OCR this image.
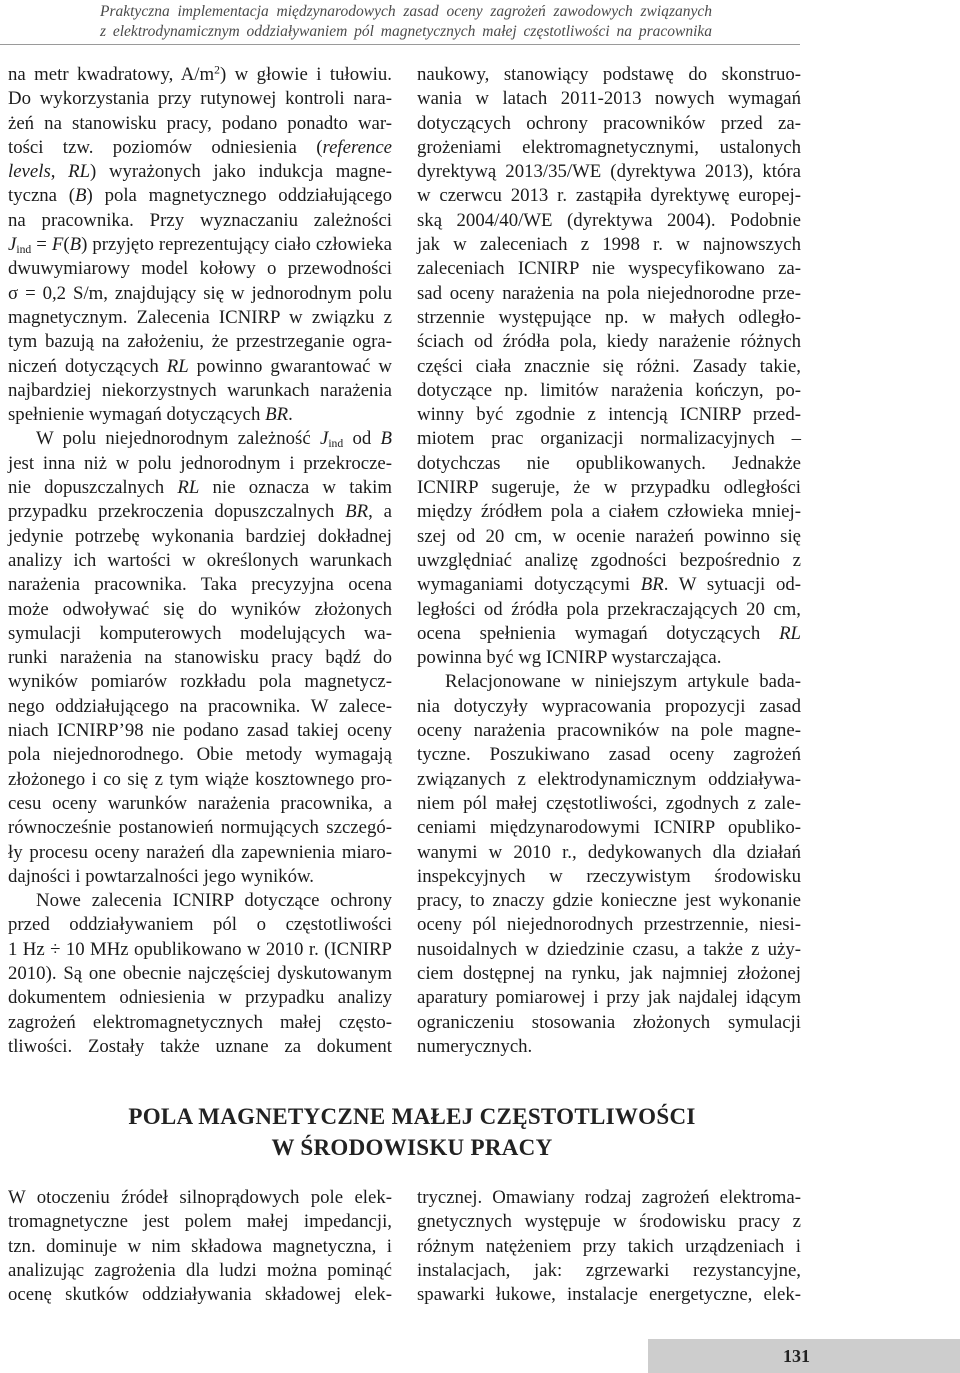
Praktyczna implementacja międzynarodowych zasad oceny zagrożeń zawodowych związanych
z elektrodynamicznym oddziaływaniem pól magnetycznych małej częstotliwości na pracownika
na metr kwadratowy, $A/m^2$) w głowie i tułowiu.
Do wykorzystania przy rutynowej kontroli nara-
żeń na stanowisku pracy, podano ponadto war-
tości tzw. poziomów odniesienia (reference
levels, RL) wyrażonych jako indukcja magne-
tyczna (B) pola magnetycznego oddziałującego
na pracownika. Przy wyznaczaniu zależności
$J_{ind} = F(B)$ przyjęto reprezentujący ciało człowieka
dwuwymiarowy model kołowy o przewodności
σ = 0,2 S/m, znajdujący się w jednorodnym polu
magnetycznym. Zalecenia ICNIRP w związku z
tym bazują na założeniu, że przestrzeganie ogra-
niczeń dotyczących RL powinno gwarantować w
najbardziej niekorzystnych warunkach narażenia
spełnienie wymagań dotyczących BR.
W polu niejednorodnym zależność $J_{ind}$ od B
jest inna niż w polu jednorodnym i przekrocze-
nie dopuszczalnych RL nie oznacza w takim
przypadku przekroczenia dopuszczalnych BR, a
jedynie potrzebę wykonania bardziej dokładnej
analizy ich wartości w określonych warunkach
narażenia pracownika. Taka precyzyjna ocena
może odwoływać się do wyników złożonych
symulacji komputerowych modelujących wa-
runki narażenia na stanowisku pracy bądź do
wyników pomiarów rozkładu pola magnetycz-
nego oddziałującego na pracownika. W zalece-
niach ICNIRP’98 nie podano zasad takiej oceny
pola niejednorodnego. Obie metody wymagają
złożonego i co się z tym wiąże kosztownego pro-
cesu oceny warunków narażenia pracownika, a
równocześnie postanowień normujących szczegó-
ły procesu oceny narażeń dla zapewnienia miaro-
dajności i powtarzalności jego wyników.
Nowe zalecenia ICNIRP dotyczące ochrony
przed oddziaływaniem pól o częstotliwości
1 Hz ÷ 10 MHz opublikowano w 2010 r. (ICNIRP
2010). Są one obecnie najczęściej dyskutowanym
dokumentem odniesienia w przypadku analizy
zagrożeń elektromagnetycznych małej często-
tliwości. Zostały także uznane za dokument
naukowy, stanowiący podstawę do skonstruo-
wania w latach 2011-2013 nowych wymagań
dotyczących ochrony pracowników przed za-
grożeniami elektromagnetycznymi, ustalonych
dyrektywą 2013/35/WE (dyrektywa 2013), która
w czerwcu 2013 r. zastąpiła dyrektywę europej-
ską 2004/40/WE (dyrektywa 2004). Podobnie
jak w zaleceniach z 1998 r. w najnowszych
zaleceniach ICNIRP nie wyspecyfikowano za-
sad oceny narażenia na pola niejednorodne prze-
strzennie występujące np. w małych odległo-
ściach od źródła pola, kiedy narażenie różnych
części ciała znacznie się różni. Zasady takie,
dotyczące np. limitów narażenia kończyn, po-
winny być zgodnie z intencją ICNIRP przed-
miotem prac organizacji normalizacyjnych –
dotychczas nie opublikowanych. Jednakże
ICNIRP sugeruje, że w przypadku odległości
między źródłem pola a ciałem człowieka mniej-
szej od 20 cm, w ocenie narażeń powinno się
uwzględniać analizę zgodności bezpośrednio z
wymaganiami dotyczącymi BR. W sytuacji od-
ległości od źródła pola przekraczających 20 cm,
ocena spełnienia wymagań dotyczących RL
powinna być wg ICNIRP wystarczająca.
Relacjonowane w niniejszym artykule bada-
nia dotyczyły wypracowania propozycji zasad
oceny narażenia pracowników na pole magne-
tyczne. Poszukiwano zasad oceny zagrożeń
związanych z elektrodynamicznym oddziaływa-
niem pól małej częstotliwości, zgodnych z zale-
ceniami międzynarodowymi ICNIRP opubliko-
wanymi w 2010 r., dedykowanych dla działań
inspekcyjnych w rzeczywistym środowisku
pracy, to znaczy gdzie konieczne jest wykonanie
oceny pól niejednorodnych przestrzennie, niesi-
nusoidalnych w dziedzinie czasu, a także z uży-
ciem dostępnej na rynku, jak najmniej złożonej
aparatury pomiarowej i przy jak najdalej idącym
ograniczeniu stosowania złożonych symulacji
numerycznych.
POLA MAGNETYCZNE MAŁEJ CZĘSTOTLIWOŚCI
W ŚRODOWISKU PRACY
W otoczeniu źródeł silnoprądowych pole elek-
tromagnetyczne jest polem małej impedancji,
tzn. dominuje w nim składowa magnetyczna, i
analizując zagrożenia dla ludzi można pominąć
ocenę skutków oddziaływania składowej elek-
trycznej. Omawiany rodzaj zagrożeń elektroma-
gnetycznych występuje w środowisku pracy z
różnym natężeniem przy takich urządzeniach i
instalacjach, jak: zgrzewarki rezystancyjne,
spawarki łukowe, instalacje energetyczne, elek-
131
